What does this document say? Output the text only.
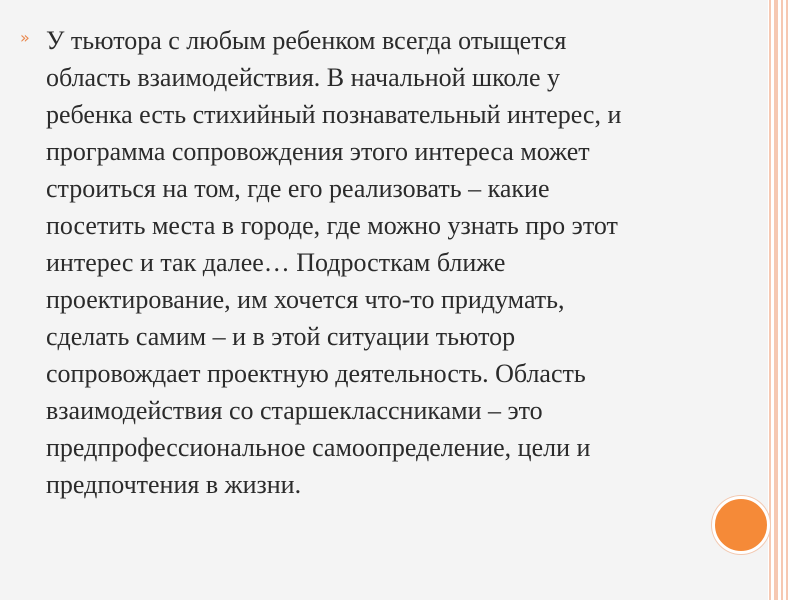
» У тьютора с любым ребенком всегда отыщется
область взаимодействия. В начальной школе у
ребенка есть стихийный познавательный интерес, и
программа сопровождения этого интереса может
строиться на том, где его реализовать – какие
посетить места в городе, где можно узнать про этот
интерес и так далее… Подросткам ближе
проектирование, им хочется что-то придумать,
сделать самим – и в этой ситуации тьютор
сопровождает проектную деятельность. Область
взаимодействия со старшеклассниками – это
предпрофессиональное самоопределение, цели и
предпочтения в жизни.
